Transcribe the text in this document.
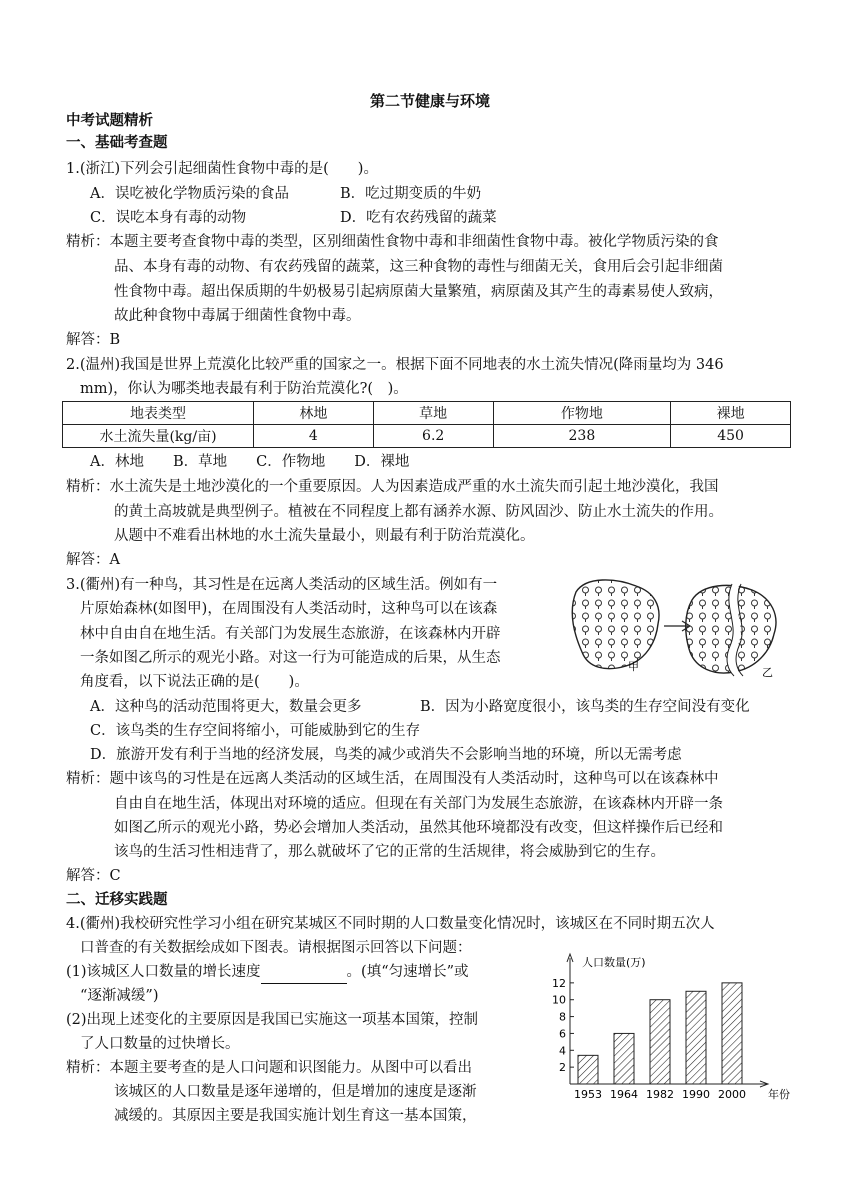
第二节健康与环境
中考试题精析
一、基础考查题
1.(浙江)下列会引起细菌性食物中毒的是(　　)。
A．误吃被化学物质污染的食品	B．吃过期变质的牛奶
C．误吃本身有毒的动物	D．吃有农药残留的蔬菜
精析：本题主要考查食物中毒的类型，区别细菌性食物中毒和非细菌性食物中毒。被化学物质污染的食
品、本身有毒的动物、有农药残留的蔬菜，这三种食物的毒性与细菌无关，食用后会引起非细菌
性食物中毒。超出保质期的牛奶极易引起病原菌大量繁殖，病原菌及其产生的毒素易使人致病，
故此种食物中毒属于细菌性食物中毒。
解答：B
2.(温州)我国是世界上荒漠化比较严重的国家之一。根据下面不同地表的水土流失情况(降雨量均为 346
mm)，你认为哪类地表最有利于防治荒漠化?(　)。
地表类型	林地	草地	作物地	裸地
水土流失量(kg/亩)	4	6.2	238	450
A．林地　　B．草地　　C．作物地　　D．裸地
精析：水土流失是土地沙漠化的一个重要原因。人为因素造成严重的水土流失而引起土地沙漠化，我国
的黄土高坡就是典型例子。植被在不同程度上都有涵养水源、防风固沙、防止水土流失的作用。
从题中不难看出林地的水土流失量最小，则最有利于防治荒漠化。
解答：A
3.(衢州)有一种鸟，其习性是在远离人类活动的区域生活。例如有一
片原始森林(如图甲)，在周围没有人类活动时，这种鸟可以在该森
林中自由自在地生活。有关部门为发展生态旅游，在该森林内开辟
一条如图乙所示的观光小路。对这一行为可能造成的后果，从生态
角度看，以下说法正确的是(　　)。
甲	乙
A．这种鸟的活动范围将更大，数量会更多	B．因为小路宽度很小，该鸟类的生存空间没有变化
C．该鸟类的生存空间将缩小，可能威胁到它的生存
D．旅游开发有利于当地的经济发展，鸟类的减少或消失不会影响当地的环境，所以无需考虑
精析：题中该鸟的习性是在远离人类活动的区域生活，在周围没有人类活动时，这种鸟可以在该森林中
自由自在地生活，体现出对环境的适应。但现在有关部门为发展生态旅游，在该森林内开辟一条
如图乙所示的观光小路，势必会增加人类活动，虽然其他环境都没有改变，但这样操作后已经和
该鸟的生活习性相违背了，那么就破坏了它的正常的生活规律，将会威胁到它的生存。
解答：C
二、迁移实践题
4.(衢州)我校研究性学习小组在研究某城区不同时期的人口数量变化情况时，该城区在不同时期五次人
口普查的有关数据绘成如下图表。请根据图示回答以下问题：
(1)该城区人口数量的增长速度	。(填“匀速增长”或
“逐渐减缓”)
(2)出现上述变化的主要原因是我国已实施这一项基本国策，控制
了人口数量的过快增长。
精析：本题主要考查的是人口问题和识图能力。从图中可以看出
该城区的人口数量是逐年递增的，但是增加的速度是逐渐
减缓的。其原因主要是我国实施计划生育这一基本国策，
人口数量(万)
年份
2
4
6
8
10
12
1953 1964 1982 1990 2000
